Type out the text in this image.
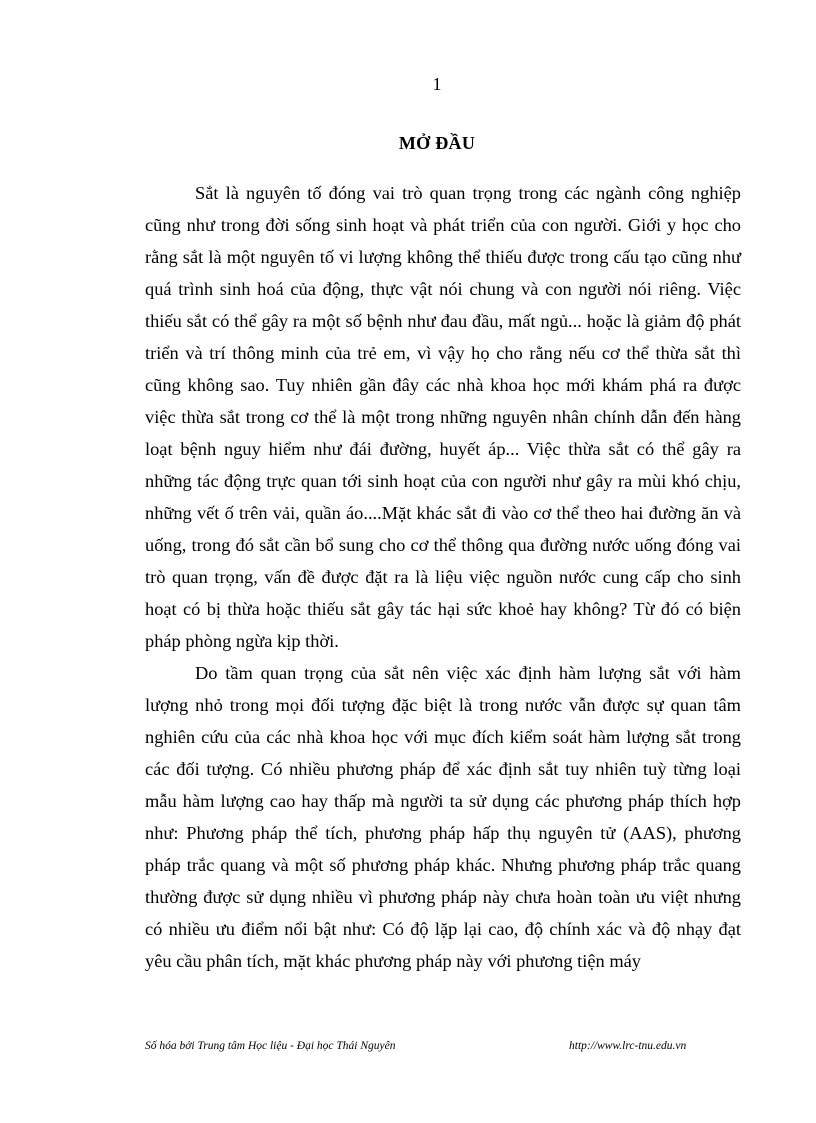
1
MỞ ĐẦU

Sắt là nguyên tố đóng vai trò quan trọng trong các ngành công nghiệp cũng như trong đời sống sinh hoạt và phát triển của con người. Giới y học cho rằng sắt là một nguyên tố vi lượng không thể thiếu được trong cấu tạo cũng như quá trình sinh hoá của động, thực vật nói chung và con người nói riêng. Việc thiếu sắt có thể gây ra một số bệnh như đau đầu, mất ngủ... hoặc là giảm độ phát triển và trí thông minh của trẻ em, vì vậy họ cho rằng nếu cơ thể thừa sắt thì cũng không sao. Tuy nhiên gần đây các nhà khoa học mới khám phá ra được việc thừa sắt trong cơ thể là một trong những nguyên nhân chính dẫn đến hàng loạt bệnh nguy hiểm như đái đường, huyết áp... Việc thừa sắt có thể gây ra những tác động trực quan tới sinh hoạt của con người như gây ra mùi khó chịu, những vết ố trên vải, quần áo....Mặt khác sắt đi vào cơ thể theo hai đường ăn và uống, trong đó sắt cần bổ sung cho cơ thể thông qua đường nước uống đóng vai trò quan trọng, vấn đề được đặt ra là liệu việc nguồn nước cung cấp cho sinh hoạt có bị thừa hoặc thiếu sắt gây tác hại sức khoẻ hay không? Từ đó có biện pháp phòng ngừa kịp thời.

Do tầm quan trọng của sắt nên việc xác định hàm lượng sắt với hàm lượng nhỏ trong mọi đối tượng đặc biệt là trong nước vẫn được sự quan tâm nghiên cứu của các nhà khoa học với mục đích kiểm soát hàm lượng sắt trong các đối tượng. Có nhiều phương pháp để xác định sắt tuy nhiên tuỳ từng loại mẫu hàm lượng cao hay thấp mà người ta sử dụng các phương pháp thích hợp như: Phương pháp thể tích, phương pháp hấp thụ nguyên tử (AAS), phương pháp trắc quang và một số phương pháp khác. Nhưng phương pháp trắc quang thường được sử dụng nhiều vì phương pháp này chưa hoàn toàn ưu việt nhưng có nhiều ưu điểm nổi bật như: Có độ lặp lại cao, độ chính xác và độ nhạy đạt yêu cầu phân tích, mặt khác phương pháp này với phương tiện máy

Số hóa bởi Trung tâm Học liệu - Đại học Thái Nguyên	http://www.lrc-tnu.edu.vn
